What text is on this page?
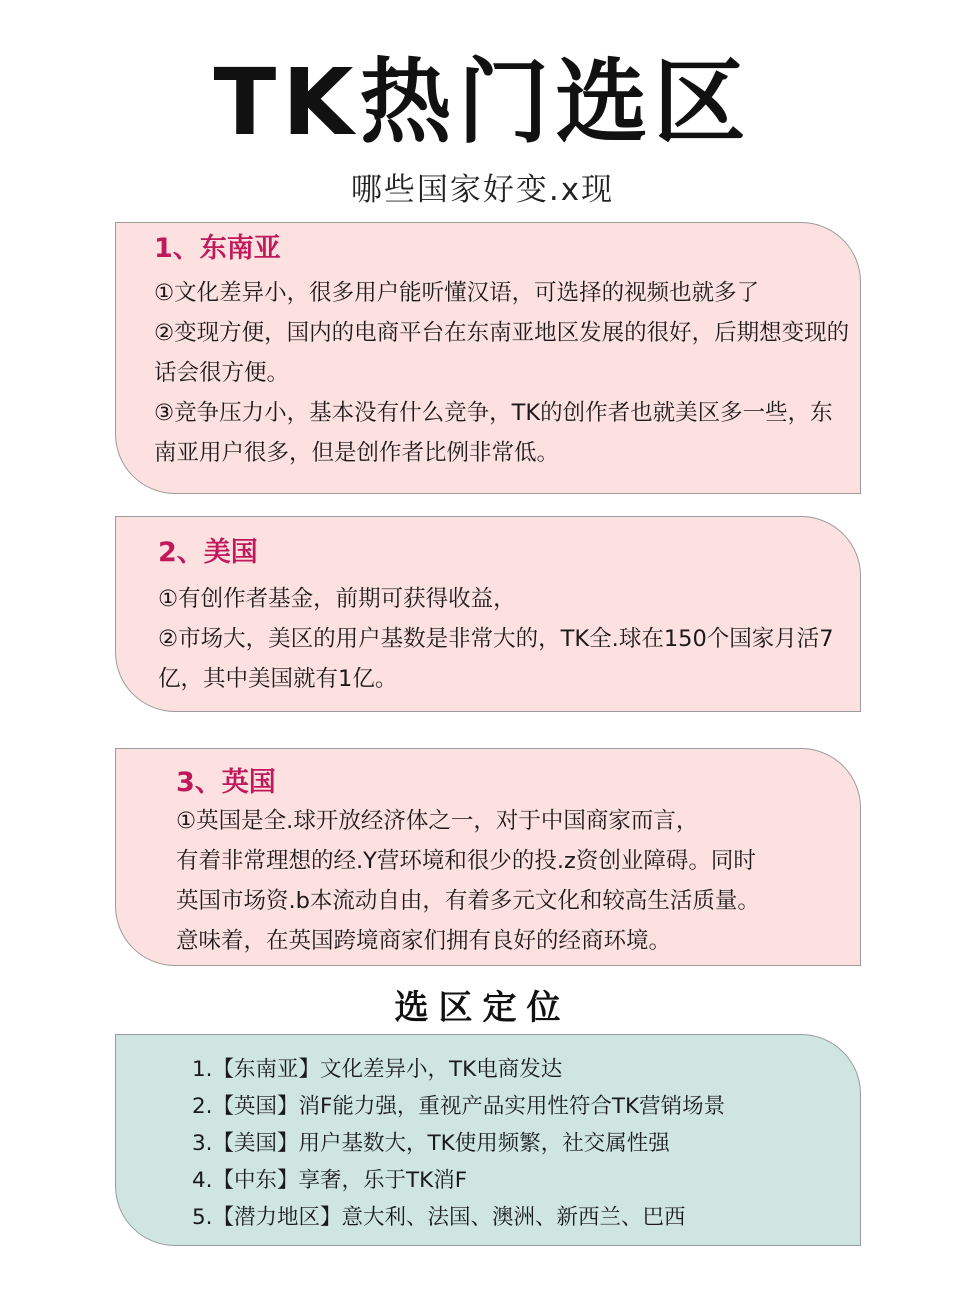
TK热门选区
哪些国家好变.x现
1、东南亚

①文化差异小，很多用户能听懂汉语，可选择的视频也就多了

②变现方便，国内的电商平台在东南亚地区发展的很好，后期想变现的话会很方便。

③竞争压力小，基本没有什么竞争，TK的创作者也就美区多一些，东南亚用户很多，但是创作者比例非常低。

2、美国

①有创作者基金，前期可获得收益，

②市场大，美区的用户基数是非常大的，TK全.球在150个国家月活7亿，其中美国就有1亿。

3、英国

①英国是全.球开放经济体之一，对于中国商家而言，

有着非常理想的经.Y营环境和很少的投.z资创业障碍。同时

英国市场资.b本流动自由，有着多元文化和较高生活质量。

意味着，在英国跨境商家们拥有良好的经商环境。

选区定位
1.【东南亚】文化差异小，TK电商发达
2.【英国】消F能力强，重视产品实用性符合TK营销场景
3.【美国】用户基数大，TK使用频繁，社交属性强
4.【中东】享奢，乐于TK消F
5.【潜力地区】意大利、法国、澳洲、新西兰、巴西
